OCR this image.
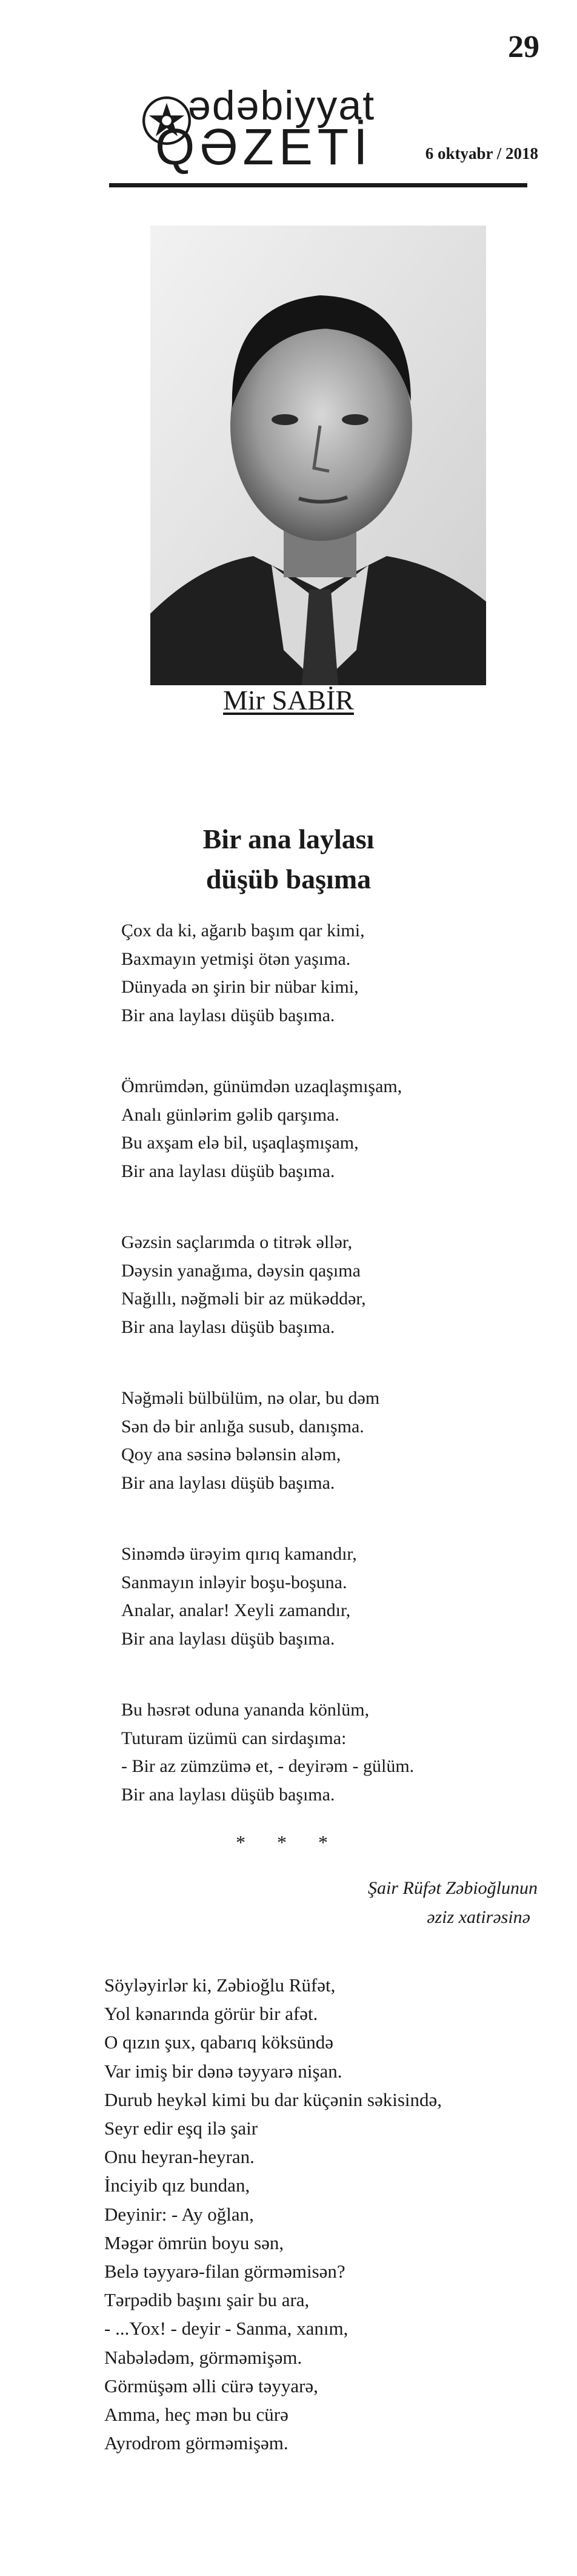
29
ədəbiyyat
QƏZETİ	6 oktyabr / 2018
Mir SABİR
Bir ana laylası
düşüb başıma
Çox da ki, ağarıb başım qar kimi,
Baxmayın yetmişi ötən yaşıma.
Dünyada ən şirin bir nübar kimi,
Bir ana laylası düşüb başıma.
Ömrümdən, günümdən uzaqlaşmışam,
Analı günlərim gəlib qarşıma.
Bu axşam elə bil, uşaqlaşmışam,
Bir ana laylası düşüb başıma.
Gəzsin saçlarımda o titrək əllər,
Dəysin yanağıma, dəysin qaşıma
Nağıllı, nəğməli bir az mükəddər,
Bir ana laylası düşüb başıma.
Nəğməli bülbülüm, nə olar, bu dəm
Sən də bir anlığa susub, danışma.
Qoy ana səsinə bələnsin aləm,
Bir ana laylası düşüb başıma.
Sinəmdə ürəyim qırıq kamandır,
Sanmayın inləyir boşu-boşuna.
Analar, analar! Xeyli zamandır,
Bir ana laylası düşüb başıma.
Bu həsrət oduna yananda könlüm,
Tuturam üzümü can sirdaşıma:
- Bir az zümzümə et, - deyirəm - gülüm.
Bir ana laylası düşüb başıma.
* * *
Şair Rüfət Zəbioğlunun
əziz xatirəsinə
Söyləyirlər ki, Zəbioğlu Rüfət,
Yol kənarında görür bir afət.
O qızın şux, qabarıq köksündə
Var imiş bir dənə təyyarə nişan.
Durub heykəl kimi bu dar küçənin səkisində,
Seyr edir eşq ilə şair
Onu heyran-heyran.
İnciyib qız bundan,
Deyinir: - Ay oğlan,
Məgər ömrün boyu sən,
Belə təyyarə-filan görməmisən?
Tərpədib başını şair bu ara,
- ...Yox! - deyir - Sanma, xanım,
Nabələdəm, görməmişəm.
Görmüşəm əlli cürə təyyarə,
Amma, heç mən bu cürə
Ayrodrom görməmişəm.
